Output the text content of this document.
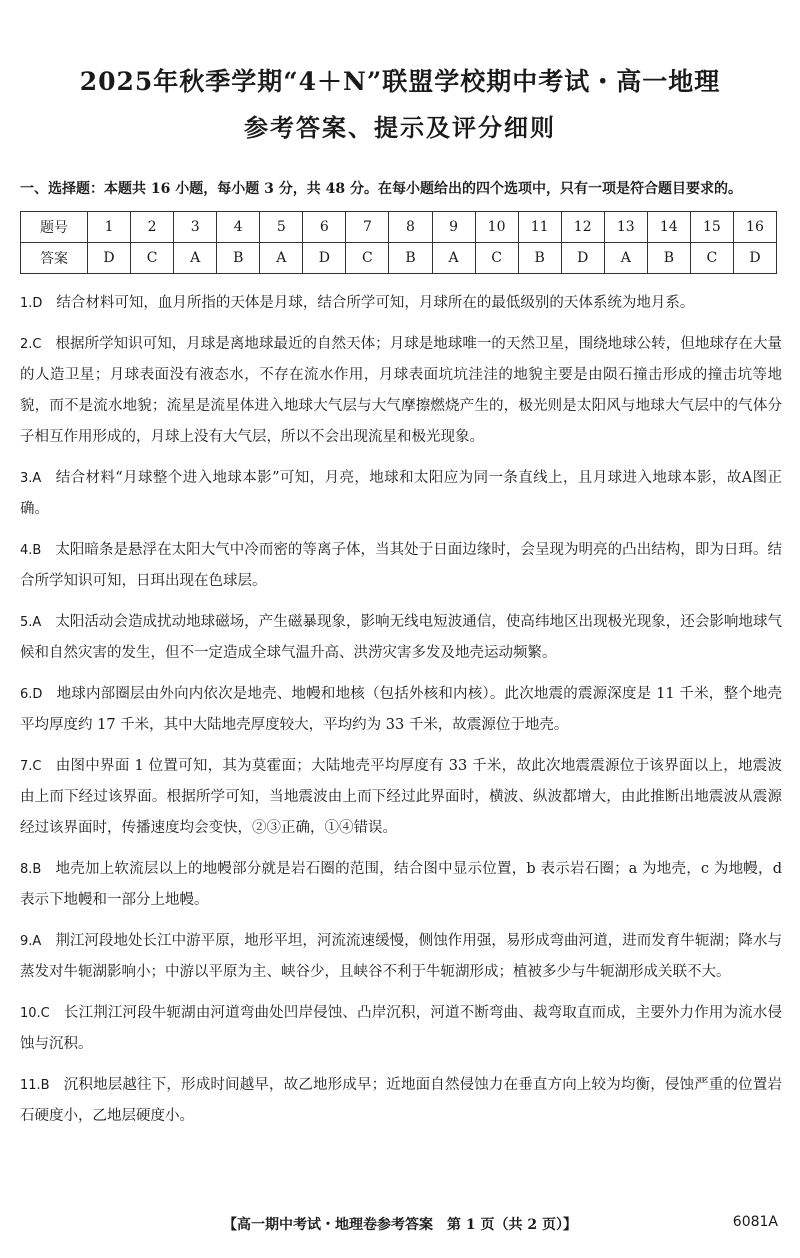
2025年秋季学期“4＋N”联盟学校期中考试・高一地理
参考答案、提示及评分细则
一、选择题：本题共 16 小题，每小题 3 分，共 48 分。在每小题给出的四个选项中，只有一项是符合题目要求的。
题号	1	2	3	4	5	6	7	8	9	10	11	12	13	14	15	16
答案	D	C	A	B	A	D	C	B	A	C	B	D	A	B	C	D
1.D 结合材料可知，血月所指的天体是月球，结合所学可知，月球所在的最低级别的天体系统为地月系。
2.C 根据所学知识可知，月球是离地球最近的自然天体；月球是地球唯一的天然卫星，围绕地球公转，但地球存在大量的人造卫星；月球表面没有液态水，不存在流水作用，月球表面坑坑洼洼的地貌主要是由陨石撞击形成的撞击坑等地貌，而不是流水地貌；流星是流星体进入地球大气层与大气摩擦燃烧产生的，极光则是太阳风与地球大气层中的气体分子相互作用形成的，月球上没有大气层，所以不会出现流星和极光现象。
3.A 结合材料“月球整个进入地球本影”可知，月亮，地球和太阳应为同一条直线上，且月球进入地球本影，故A图正确。
4.B 太阳暗条是悬浮在太阳大气中冷而密的等离子体，当其处于日面边缘时，会呈现为明亮的凸出结构，即为日珥。结合所学知识可知，日珥出现在色球层。
5.A 太阳活动会造成扰动地球磁场，产生磁暴现象，影响无线电短波通信，使高纬地区出现极光现象，还会影响地球气候和自然灾害的发生，但不一定造成全球气温升高、洪涝灾害多发及地壳运动频繁。
6.D 地球内部圈层由外向内依次是地壳、地幔和地核（包括外核和内核）。此次地震的震源深度是 11 千米，整个地壳平均厚度约 17 千米，其中大陆地壳厚度较大，平均约为 33 千米，故震源位于地壳。
7.C 由图中界面 1 位置可知，其为莫霍面；大陆地壳平均厚度有 33 千米，故此次地震震源位于该界面以上，地震波由上而下经过该界面。根据所学可知，当地震波由上而下经过此界面时，横波、纵波都增大，由此推断出地震波从震源经过该界面时，传播速度均会变快，②③正确，①④错误。
8.B 地壳加上软流层以上的地幔部分就是岩石圈的范围，结合图中显示位置，b 表示岩石圈；a 为地壳，c 为地幔，d 表示下地幔和一部分上地幔。
9.A 荆江河段地处长江中游平原，地形平坦，河流流速缓慢，侧蚀作用强，易形成弯曲河道，进而发育牛轭湖；降水与蒸发对牛轭湖影响小；中游以平原为主、峡谷少，且峡谷不利于牛轭湖形成；植被多少与牛轭湖形成关联不大。
10.C 长江荆江河段牛轭湖由河道弯曲处凹岸侵蚀、凸岸沉积，河道不断弯曲、裁弯取直而成，主要外力作用为流水侵蚀与沉积。
11.B 沉积地层越往下，形成时间越早，故乙地形成早；近地面自然侵蚀力在垂直方向上较为均衡，侵蚀严重的位置岩石硬度小，乙地层硬度小。
【高一期中考试・地理卷参考答案　第 1 页（共 2 页）】	6081A
